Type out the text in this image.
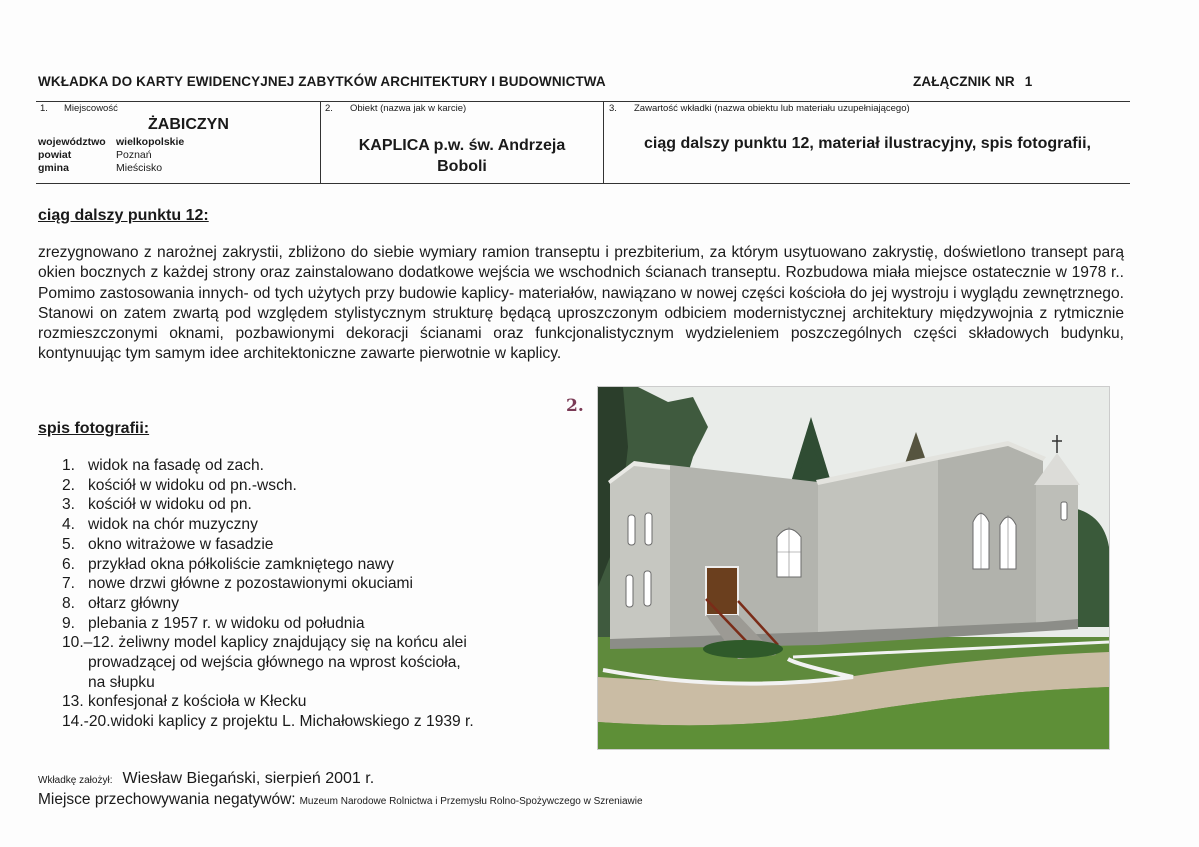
WKŁADKA DO KARTY EWIDENCYJNEJ ZABYTKÓW ARCHITEKTURY I BUDOWNICTWA	ZAŁĄCZNIK NR 1
1. Miejscowość
ŻABICZYN
województwo wielkopolskie
powiat	Poznań
gmina	Mieścisko
2. Obiekt (nazwa jak w karcie)
KAPLICA p.w. św. Andrzeja
Boboli
3. Zawartość wkładki (nazwa obiektu lub materiału uzupełniającego)
ciąg dalszy punktu 12, materiał ilustracyjny, spis fotografii,
ciąg dalszy punktu 12:
zrezygnowano z narożnej zakrystii, zbliżono do siebie wymiary ramion transeptu i prezbiterium, za którym usytuowano zakrystię, doświetlono transept parą okien bocznych z każdej strony oraz zainstalowano dodatkowe wejścia we wschodnich ścianach transeptu. Rozbudowa miała miejsce ostatecznie w 1978 r.. Pomimo zastosowania innych- od tych użytych przy budowie kaplicy- materiałów, nawiązano w nowej części kościoła do jej wystroju i wyglądu zewnętrznego. Stanowi on zatem zwartą pod względem stylistycznym strukturę będącą uproszczonym odbiciem modernistycznej architektury międzywojnia z rytmicznie rozmieszczonymi oknami, pozbawionymi dekoracji ścianami oraz funkcjonalistycznym wydzieleniem poszczególnych części składowych budynku, kontynuując tym samym idee architektoniczne zawarte pierwotnie w kaplicy.
spis fotografii:
1. widok na fasadę od zach.
2. kościół w widoku od pn.-wsch.
3. kościół w widoku od pn.
4. widok na chór muzyczny
5. okno witrażowe w fasadzie
6. przykład okna półkoliście zamkniętego nawy
7. nowe drzwi główne z pozostawionymi okuciami
8. ołtarz główny
9. plebania z 1957 r. w widoku od południa
10.–12. żeliwny model kaplicy znajdujący się na końcu alei
prowadzącej od wejścia głównego na wprost kościoła,
na słupku
13. konfesjonał z kościoła w Kłecku
14.-20.widoki kaplicy z projektu L. Michałowskiego z 1939 r.
2.
Wkładkę założył: Wiesław Biegański, sierpień 2001 r.
Miejsce przechowywania negatywów: Muzeum Narodowe Rolnictwa i Przemysłu Rolno-Spożywczego w Szreniawie
